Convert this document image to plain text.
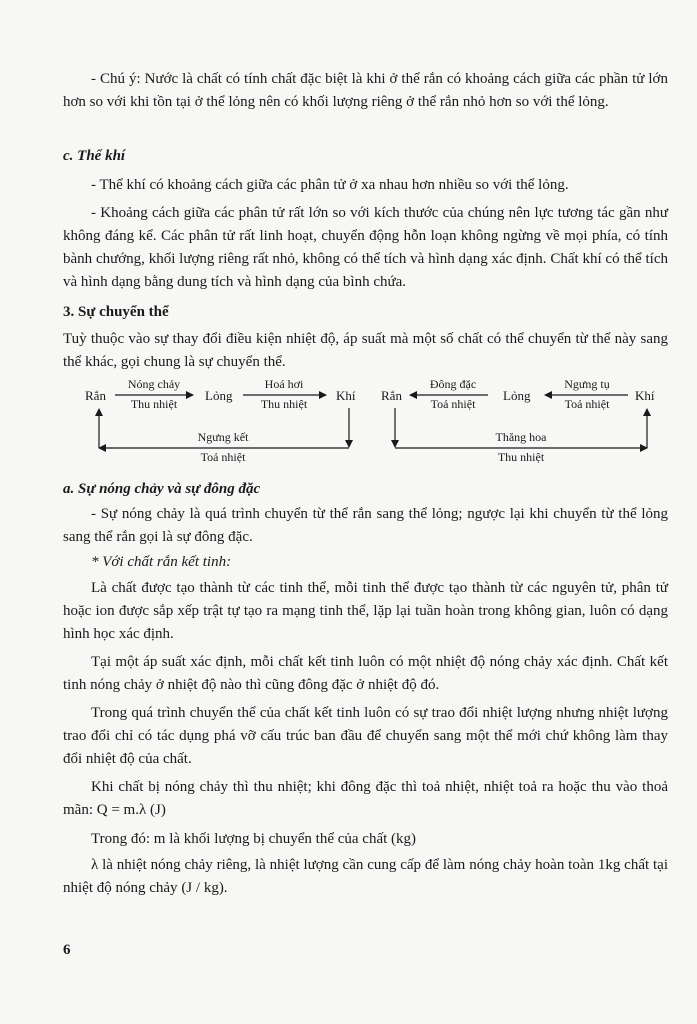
- Chú ý: Nước là chất có tính chất đặc biệt là khi ở thể rắn có khoảng cách giữa các phần tử lớn hơn so với khi tồn tại ở thể lỏng nên có khối lượng riêng ở thể rắn nhỏ hơn so với thể lỏng.
c. Thể khí
- Thể khí có khoảng cách giữa các phân tử ở xa nhau hơn nhiều so với thể lỏng.
- Khoảng cách giữa các phân tử rất lớn so với kích thước của chúng nên lực tương tác gần như không đáng kể. Các phân tử rất linh hoạt, chuyển động hỗn loạn không ngừng về mọi phía, có tính bành chướng, khối lượng riêng rất nhỏ, không có thể tích và hình dạng xác định. Chất khí có thể tích và hình dạng bằng dung tích và hình dạng của bình chứa.
3. Sự chuyển thể
Tuỳ thuộc vào sự thay đổi điều kiện nhiệt độ, áp suất mà một số chất có thể chuyển từ thể này sang thể khác, gọi chung là sự chuyển thể.
Rắn
Nóng chảy
Thu nhiệt
Lỏng
Hoá hơi
Thu nhiệt
Khí
Ngưng kết
Toả nhiệt
Rắn
Đông đặc
Toả nhiệt
Lỏng
Ngưng tụ
Toả nhiệt
Khí
Thăng hoa
Thu nhiệt
a. Sự nóng chảy và sự đông đặc
- Sự nóng chảy là quá trình chuyển từ thể rắn sang thể lỏng; ngược lại khi chuyển từ thể lỏng sang thể rắn gọi là sự đông đặc.
* Với chất rắn kết tinh:
Là chất được tạo thành từ các tinh thể, mỗi tinh thể được tạo thành từ các nguyên tử, phân tử hoặc ion được sắp xếp trật tự tạo ra mạng tinh thể, lặp lại tuần hoàn trong không gian, luôn có dạng hình học xác định.
Tại một áp suất xác định, mỗi chất kết tinh luôn có một nhiệt độ nóng chảy xác định. Chất kết tinh nóng chảy ở nhiệt độ nào thì cũng đông đặc ở nhiệt độ đó.
Trong quá trình chuyển thể của chất kết tinh luôn có sự trao đổi nhiệt lượng nhưng nhiệt lượng trao đổi chỉ có tác dụng phá vỡ cấu trúc ban đầu để chuyển sang một thể mới chứ không làm thay đổi nhiệt độ của chất.
Khi chất bị nóng chảy thì thu nhiệt; khi đông đặc thì toả nhiệt, nhiệt toả ra hoặc thu vào thoả mãn: Q = m.λ (J)
Trong đó: m là khối lượng bị chuyển thể của chất (kg)
λ là nhiệt nóng chảy riêng, là nhiệt lượng cần cung cấp để làm nóng chảy hoàn toàn 1kg chất tại nhiệt độ nóng chảy (J / kg).
6
